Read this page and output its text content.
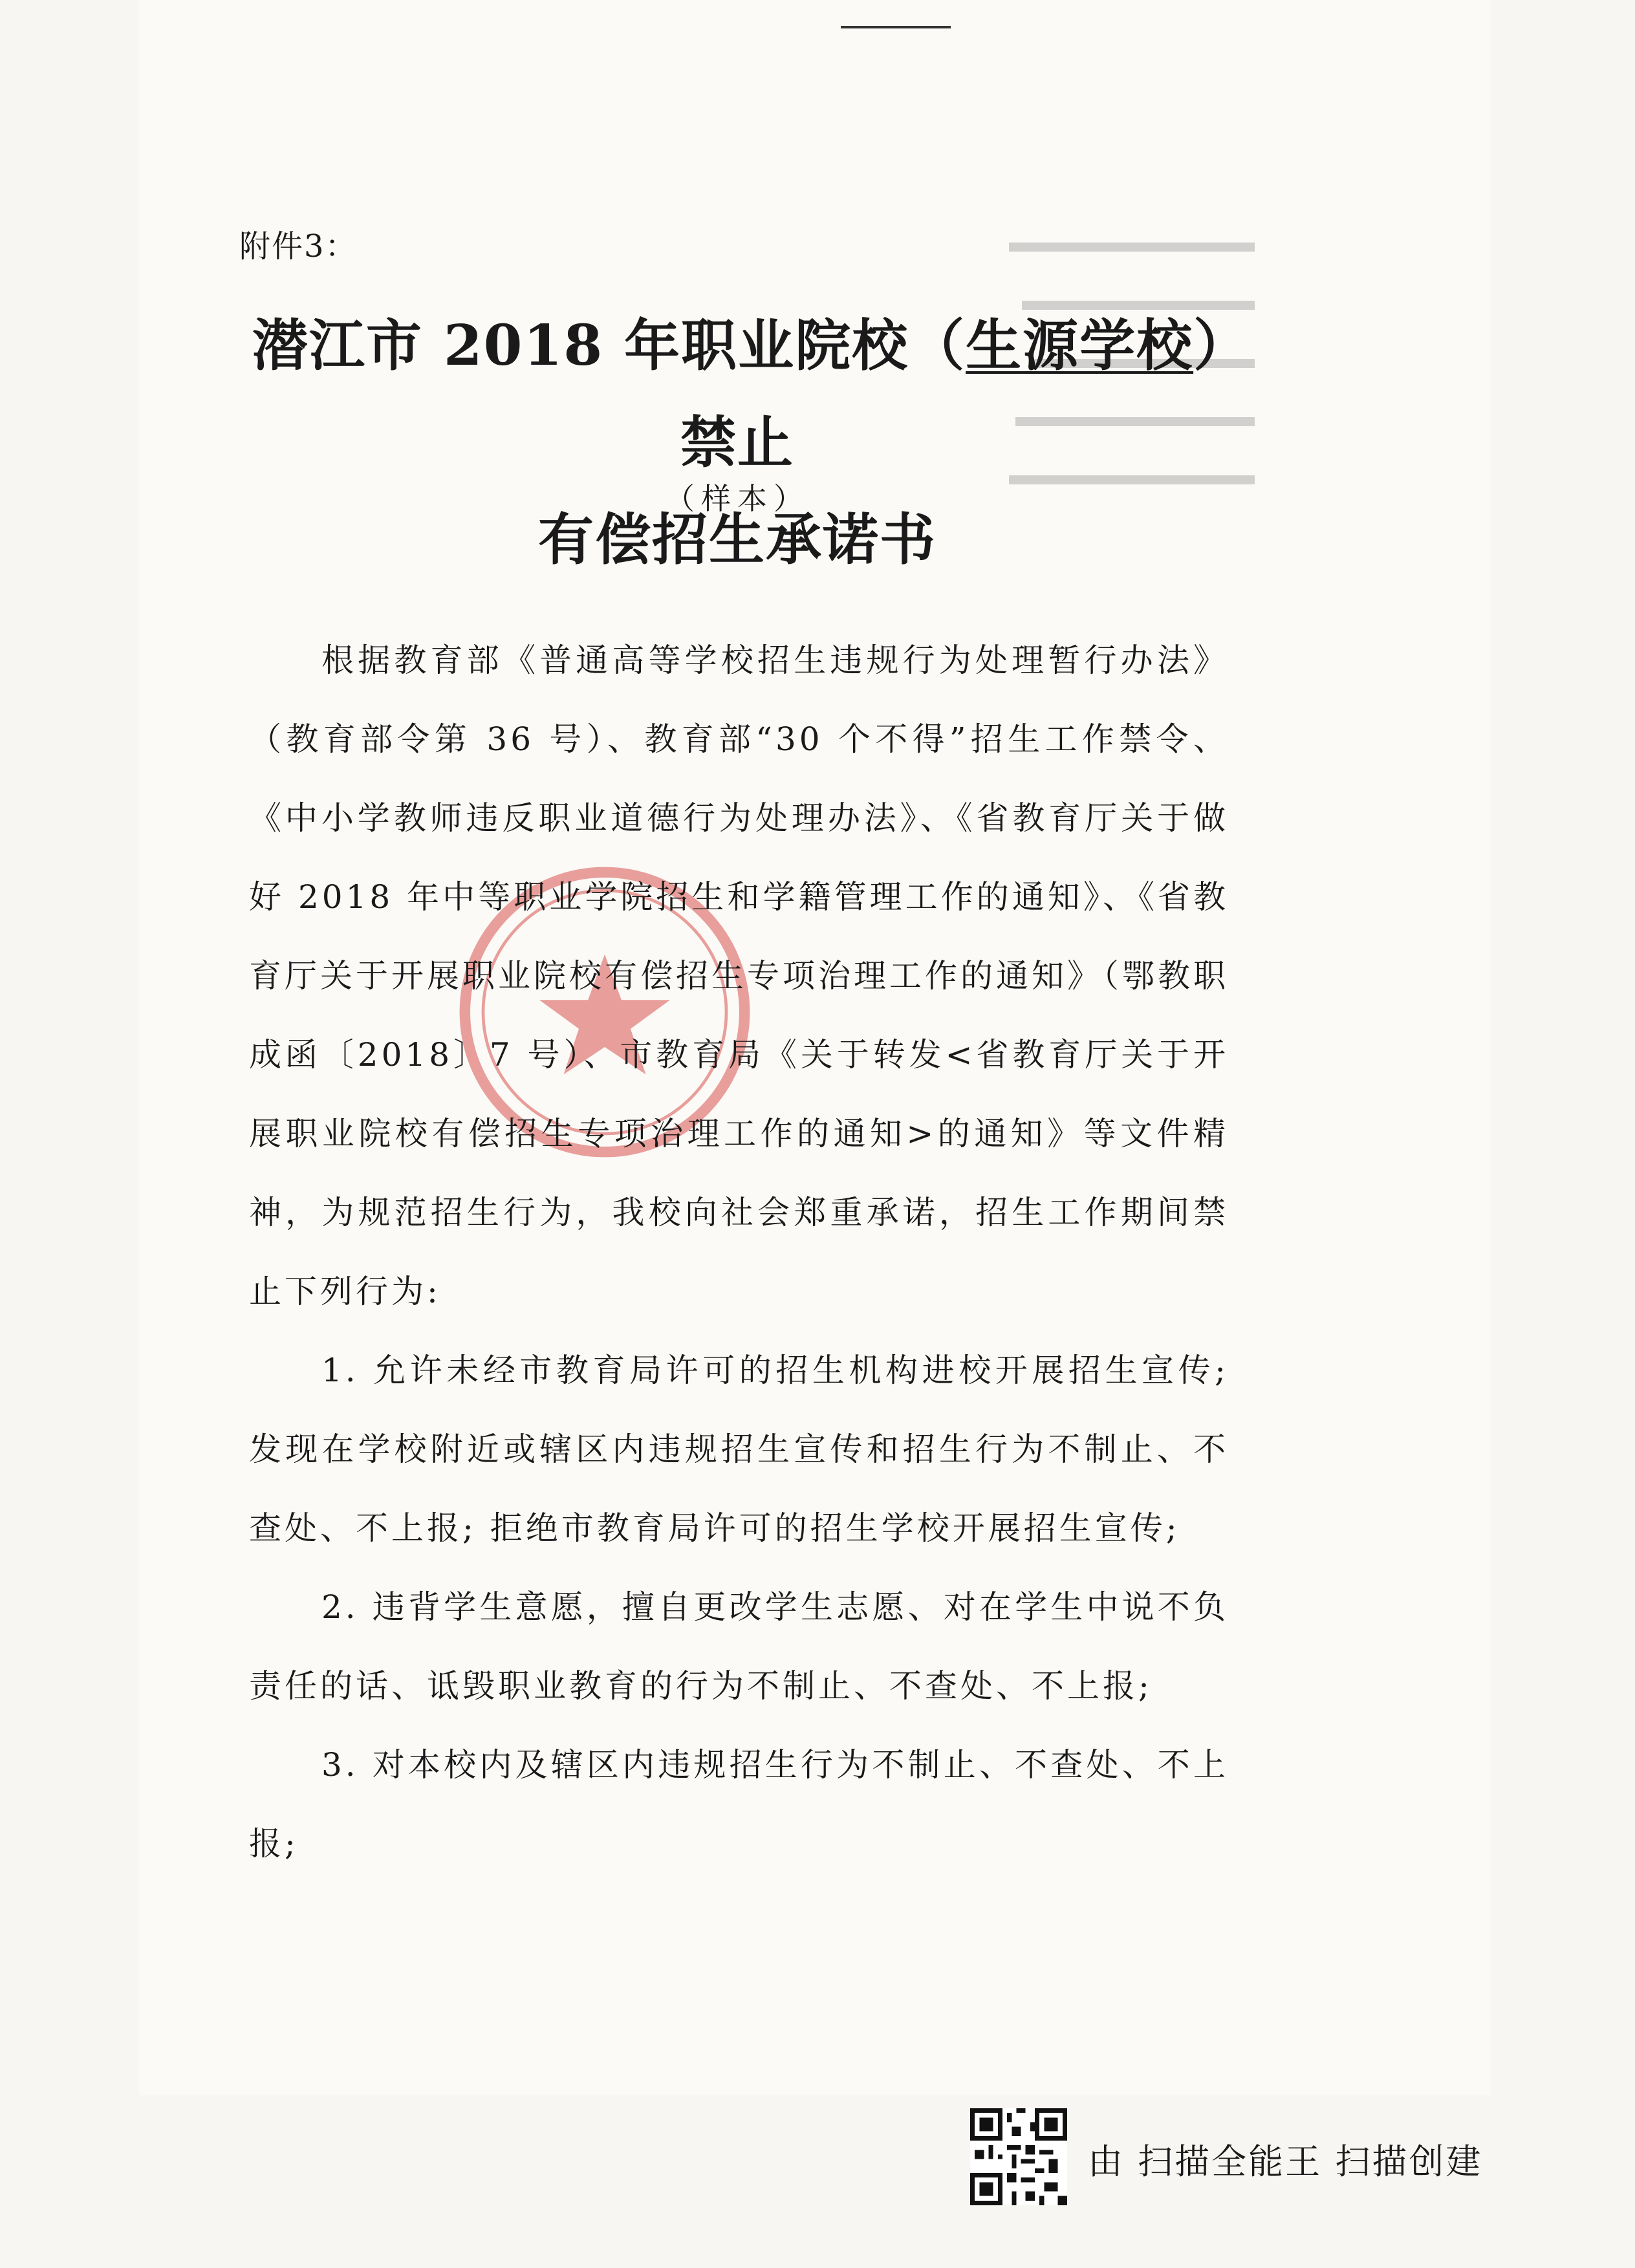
附件3：
潜江市 2018 年职业院校（生源学校）禁止
有偿招生承诺书
（样本）

根据教育部《普通高等学校招生违规行为处理暂行办法》（教育部令第 36 号）、教育部“30 个不得”招生工作禁令、《中小学教师违反职业道德行为处理办法》、《省教育厅关于做好 2018 年中等职业学院招生和学籍管理工作的通知》、《省教育厅关于开展职业院校有偿招生专项治理工作的通知》（鄂教职成函〔2018〕7 号）、市教育局《关于转发<省教育厅关于开展职业院校有偿招生专项治理工作的通知>的通知》等文件精神，为规范招生行为，我校向社会郑重承诺，招生工作期间禁止下列行为:

1. 允许未经市教育局许可的招生机构进校开展招生宣传; 发现在学校附近或辖区内违规招生宣传和招生行为不制止、不查处、不上报; 拒绝市教育局许可的招生学校开展招生宣传;

2. 违背学生意愿，擅自更改学生志愿、对在学生中说不负责任的话、诋毁职业教育的行为不制止、不查处、不上报;

3. 对本校内及辖区内违规招生行为不制止、不查处、不上报;

由 扫描全能王 扫描创建
